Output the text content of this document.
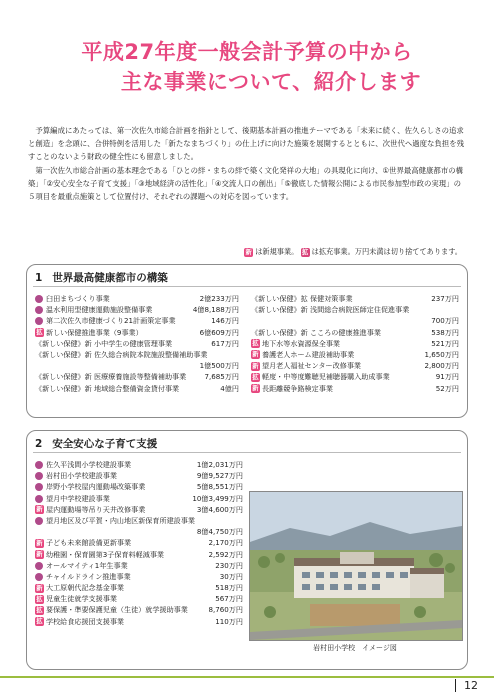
平成27年度一般会計予算の中から
主な事業について、紹介します

予算編成にあたっては、第一次佐久市総合計画を指針として、後期基本計画の推進テーマである「未来に続く、佐久らしさの追求と創造」を念頭に、合併特例を活用した「新たなまちづくり」の仕上げに向けた施策を展開するとともに、次世代へ過度な負担を残すことのないよう財政の健全性にも留意しました。

第一次佐久市総合計画の基本理念である「ひとの絆・まちの絆で築く文化発祥の大地」の具現化に向け、①世界最高健康都市の構築」「②安心安全な子育て支援」「③地域経済の活性化」「④交流人口の創出」「⑤徹底した情報公開による市民参加型市政の実現」の５項目を最重点施策として位置付け、それぞれの課題への対応を図っています。

新 は新規事業。 拡 は拡充事業。万円未満は切り捨ててあります。
1 世界最高健康都市の構築
臼田まちづくり事業	2億233万円
温水利用型健康運動施設整備事業	4億8,188万円
第二次佐久市健康づくり21計画策定事業	146万円
拡 新しい保健推進事業（9事業）	6億609万円
《新しい保健》新 小中学生の健康管理事業	617万円
《新しい保健》新 佐久総合病院本院施設整備補助事業
1億500万円
《新しい保健》新 医療療養施設等整備補助事業	7,685万円
《新しい保健》新 地域総合整備資金貸付事業	4億円
《新しい保健》拡 保健対策事業	237万円
《新しい保健》新 浅間総合病院医師定住促進事業
700万円
《新しい保健》新 こころの健康推進事業	538万円
拡 地下水等水資源保全事業	521万円
新 養護老人ホーム建設補助事業	1,650万円
新 望月老人福祉センター改修事業	2,800万円
拡 軽度・中等度難聴児補聴器購入助成事業	91万円
新 長距離競争路検定事業	52万円
2 安全安心な子育て支援
佐久平浅間小学校建設事業	1億2,031万円
岩村田小学校建設事業	9億9,527万円
岸野小学校屋内運動場改築事業	5億8,551万円
望月中学校建設事業	10億3,499万円
新 屋内運動場等吊り天井改修事業	3億4,600万円
望月地区及び平賀・内山地区新保育所建設事業
8億4,750万円
新 子ども未来館設備更新事業	2,170万円
新 幼稚園・保育園第3子保育料軽減事業	2,592万円
オールマイティ1年生事業	230万円
チャイルドライン推進事業	30万円
新 大工原朝代記念基金事業	518万円
拡 児童生徒就学支援事業	567万円
拡 要保護・準要保護児童（生徒）就学援助事業	8,760万円
拡 学校給食応援団支援事業	110万円
岩村田小学校　イメージ図
12
